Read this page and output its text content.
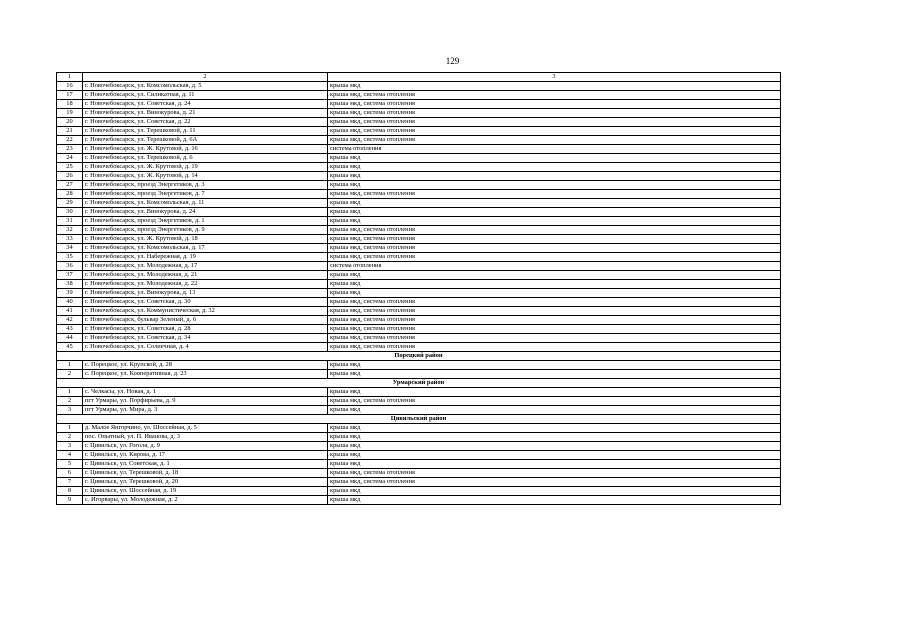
129
1	2	3
16	г. Новочебоксарск, ул. Комсомольская, д. 5	крыша мкд
17	г. Новочебоксарск, ул. Силикатная, д. 11	крыша мкд, система отопления
18	г. Новочебоксарск, ул. Советская, д. 24	крыша мкд, система отопления
19	г. Новочебоксарск, ул. Винокурова, д. 21	крыша мкд, система отопления
20	г. Новочебоксарск, ул. Советская, д. 22	крыша мкд, система отопления
21	г. Новочебоксарск, ул. Терешковой, д. 11	крыша мкд, система отопления
22	г. Новочебоксарск, ул. Терешковой, д. 6А	крыша мкд, система отопления
23	г. Новочебоксарск, ул. Ж. Крутовой, д. 16	система отопления
24	г. Новочебоксарск, ул. Терешковой, д. 6	крыша мкд
25	г. Новочебоксарск, ул. Ж. Крутовой, д. 19	крыша мкд
26	г. Новочебоксарск, ул. Ж. Крутовой, д. 14	крыша мкд
27	г. Новочебоксарск, проезд Энергетиков, д. 3	крыша мкд
28	г. Новочебоксарск, проезд Энергетиков, д. 7	крыша мкд, система отопления
29	г. Новочебоксарск, ул. Комсомольская, д. 11	крыша мкд
30	г. Новочебоксарск, ул. Винокурова, д. 24	крыша мкд
31	г. Новочебоксарск, проезд Энергетиков, д. 1	крыша мкд
32	г. Новочебоксарск, проезд Энергетиков, д. 9	крыша мкд, система отопления
33	г. Новочебоксарск, ул. Ж. Крутовой, д. 18	крыша мкд, система отопления
34	г. Новочебоксарск, ул. Комсомольская, д. 17	крыша мкд, система отопления
35	г. Новочебоксарск, ул. Набережная, д. 19	крыша мкд, система отопления
36	г. Новочебоксарск, ул. Молодежная, д. 17	система отопления
37	г. Новочебоксарск, ул. Молодежная, д. 21	крыша мкд
38	г. Новочебоксарск, ул. Молодежная, д. 22	крыша мкд
39	г. Новочебоксарск, ул. Винокурова, д. 13	крыша мкд
40	г. Новочебоксарск, ул. Советская, д. 30	крыша мкд, система отопления
41	г. Новочебоксарск, ул. Коммунистическая, д. 32	крыша мкд, система отопления
42	г. Новочебоксарск, бульвар Зеленый, д. 6	крыша мкд, система отопления
43	г. Новочебоксарск, ул. Советская, д. 28	крыша мкд, система отопления
44	г. Новочебоксарск, ул. Советская, д. 34	крыша мкд, система отопления
45	г. Новочебоксарск, ул. Солнечная, д. 4	крыша мкд, система отопления
Порецкий район		
1	с. Порецкое, ул. Крупской, д. 28	крыша мкд
2	с. Порецкое, ул. Кооперативная, д. 23	крыша мкд
Урмарский район		
1	с. Челкасы, ул. Новая, д. 1	крыша мкд
2	пгт Урмары, ул. Порфирьева, д. 9	крыша мкд, система отопления
3	пгт Урмары, ул. Мира, д. 3	крыша мкд
Цивильский район		
1	д. Малое Янгорчино, ул. Шоссейная, д. 5	крыша мкд
2	пос. Опытный, ул. П. Иванова, д. 3	крыша мкд
3	г. Цивильск, ул. Гоголя, д. 9	крыша мкд
4	г. Цивильск, ул. Кирова, д. 17	крыша мкд
5	г. Цивильск, ул. Советская, д. 1	крыша мкд
6	г. Цивильск, ул. Терешковой, д. 18	крыша мкд, система отопления
7	г. Цивильск, ул. Терешковой, д. 20	крыша мкд, система отопления
8	г. Цивильск, ул. Шоссейная, д. 19	крыша мкд
9	с. Игорвары, ул. Молодежная, д. 2	крыша мкд
